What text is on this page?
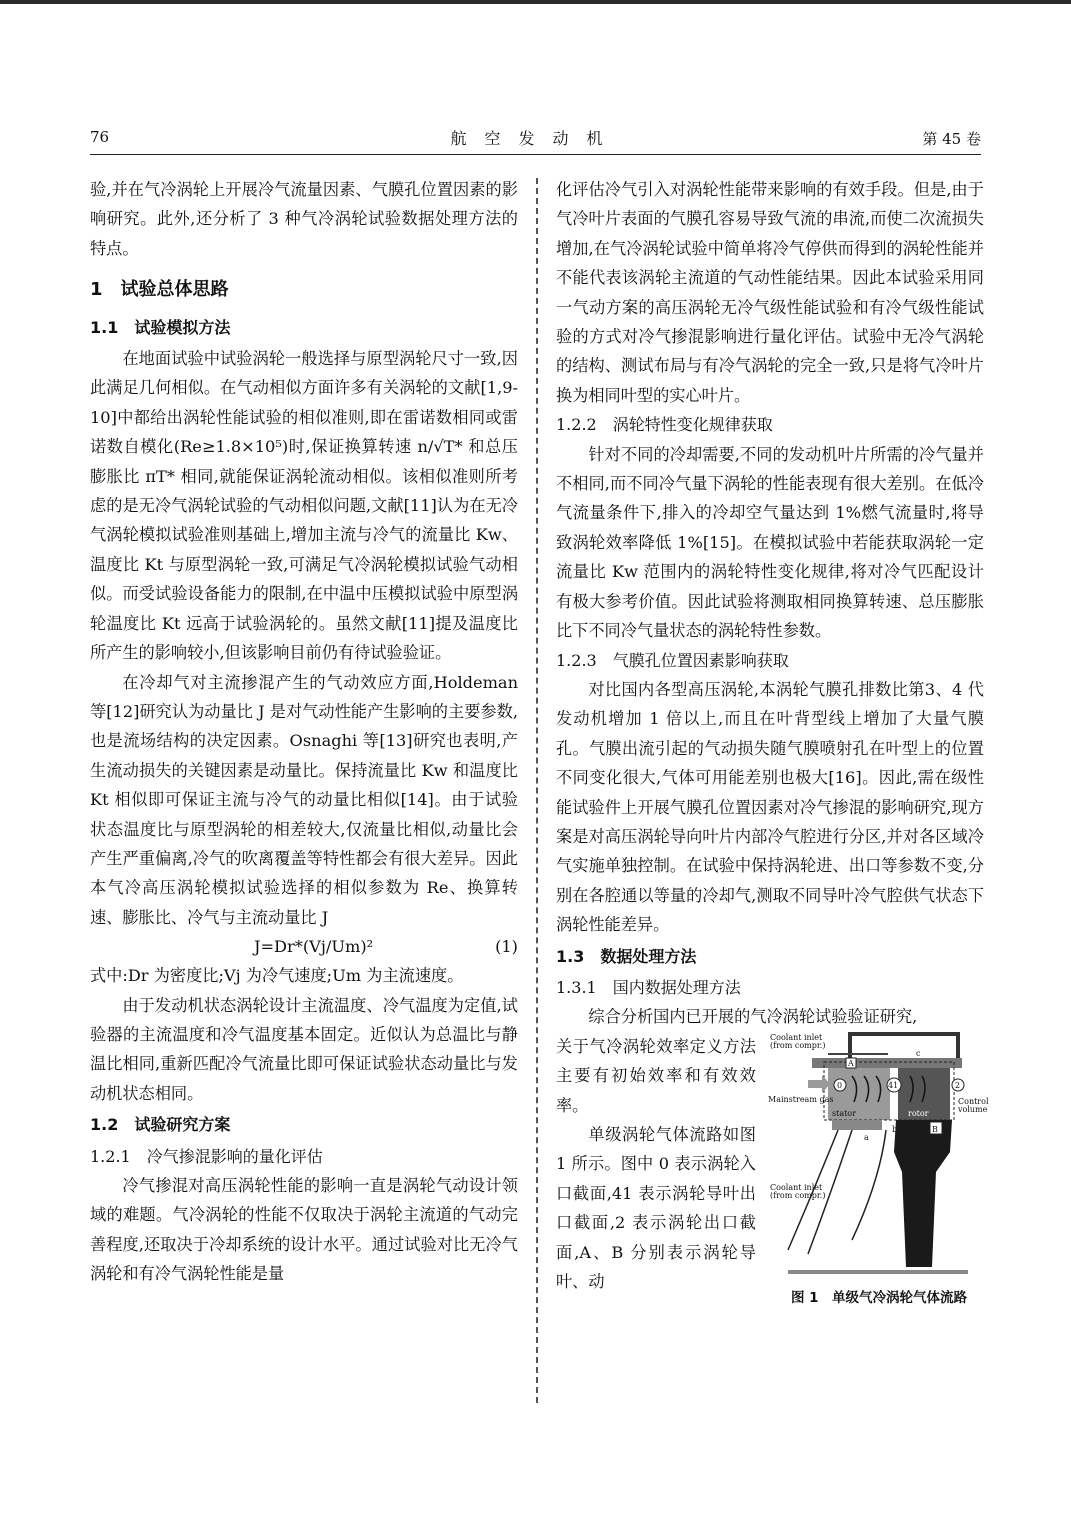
76	航空发动机	第 45 卷

验,并在气冷涡轮上开展冷气流量因素、气膜孔位置因素的影响研究。此外,还分析了 3 种气冷涡轮试验数据处理方法的特点。

1　试验总体思路
1.1　试验模拟方法

在地面试验中试验涡轮一般选择与原型涡轮尺寸一致,因此满足几何相似。在气动相似方面许多有关涡轮的文献[1,9-10]中都给出涡轮性能试验的相似准则,即在雷诺数相同或雷诺数自模化(Re≥1.8×10⁵)时,保证换算转速 n/√T* 和总压膨胀比 πT* 相同,就能保证涡轮流动相似。该相似准则所考虑的是无冷气涡轮试验的气动相似问题,文献[11]认为在无冷气涡轮模拟试验准则基础上,增加主流与冷气的流量比 Kw、温度比 Kt 与原型涡轮一致,可满足气冷涡轮模拟试验气动相似。而受试验设备能力的限制,在中温中压模拟试验中原型涡轮温度比 Kt 远高于试验涡轮的。虽然文献[11]提及温度比所产生的影响较小,但该影响目前仍有待试验验证。

在冷却气对主流掺混产生的气动效应方面,Holdeman 等[12]研究认为动量比 J 是对气动性能产生影响的主要参数,也是流场结构的决定因素。Osnaghi 等[13]研究也表明,产生流动损失的关键因素是动量比。保持流量比 Kw 和温度比 Kt 相似即可保证主流与冷气的动量比相似[14]。由于试验状态温度比与原型涡轮的相差较大,仅流量比相似,动量比会产生严重偏离,冷气的吹离覆盖等特性都会有很大差异。因此本气冷高压涡轮模拟试验选择的相似参数为 Re、换算转速、膨胀比、冷气与主流动量比 J

J=Dr*(Vj/Um)²	(1)

式中:Dr 为密度比;Vj 为冷气速度;Um 为主流速度。

由于发动机状态涡轮设计主流温度、冷气温度为定值,试验器的主流温度和冷气温度基本固定。近似认为总温比与静温比相同,重新匹配冷气流量比即可保证试验状态动量比与发动机状态相同。

1.2　试验研究方案
1.2.1　冷气掺混影响的量化评估

冷气掺混对高压涡轮性能的影响一直是涡轮气动设计领域的难题。气冷涡轮的性能不仅取决于涡轮主流道的气动完善程度,还取决于冷却系统的设计水平。通过试验对比无冷气涡轮和有冷气涡轮性能是量

化评估冷气引入对涡轮性能带来影响的有效手段。但是,由于气冷叶片表面的气膜孔容易导致气流的串流,而使二次流损失增加,在气冷涡轮试验中简单将冷气停供而得到的涡轮性能并不能代表该涡轮主流道的气动性能结果。因此本试验采用同一气动方案的高压涡轮无冷气级性能试验和有冷气级性能试验的方式对冷气掺混影响进行量化评估。试验中无冷气涡轮的结构、测试布局与有冷气涡轮的完全一致,只是将气冷叶片换为相同叶型的实心叶片。

1.2.2　涡轮特性变化规律获取

针对不同的冷却需要,不同的发动机叶片所需的冷气量并不相同,而不同冷气量下涡轮的性能表现有很大差别。在低冷气流量条件下,排入的冷却空气量达到 1%燃气流量时,将导致涡轮效率降低 1%[15]。在模拟试验中若能获取涡轮一定流量比 Kw 范围内的涡轮特性变化规律,将对冷气匹配设计有极大参考价值。因此试验将测取相同换算转速、总压膨胀比下不同冷气量状态的涡轮特性参数。

1.2.3　气膜孔位置因素影响获取

对比国内各型高压涡轮,本涡轮气膜孔排数比第3、4 代发动机增加 1 倍以上,而且在叶背型线上增加了大量气膜孔。气膜出流引起的气动损失随气膜喷射孔在叶型上的位置不同变化很大,气体可用能差别也极大[16]。因此,需在级性能试验件上开展气膜孔位置因素对冷气掺混的影响研究,现方案是对高压涡轮导向叶片内部冷气腔进行分区,并对各区域冷气实施单独控制。在试验中保持涡轮进、出口等参数不变,分别在各腔通以等量的冷却气,测取不同导叶冷气腔供气状态下涡轮性能差异。

1.3　数据处理方法
1.3.1　国内数据处理方法

综合分析国内已开展的气冷涡轮试验验证研究,

关于气冷涡轮效率定义方法主要有初始效率和有效效率。

单级涡轮气体流路如图 1 所示。图中 0 表示涡轮入口截面,41 表示涡轮导叶出口截面,2 表示涡轮出口截面,A、B 分别表示涡轮导叶、动

Coolant inlet
(from compr.)
Mainstream gas	Control
volume
Coolant inlet
(from compr.)
stator	rotor
0	41	2
A
B
a
b
c
图 1　单级气冷涡轮气体流路
